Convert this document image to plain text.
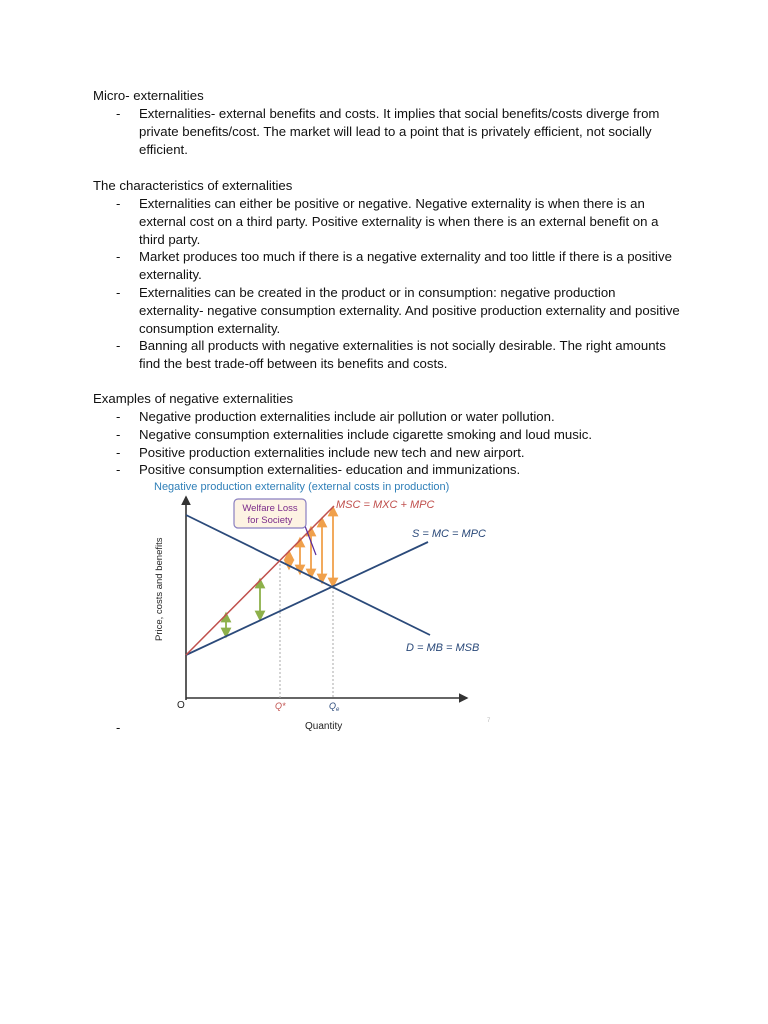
Micro- externalities
- Externalities- external benefits and costs. It implies that social benefits/costs diverge from private benefits/cost. The market will lead to a point that is privately efficient, not socially efficient.
The characteristics of externalities
- Externalities can either be positive or negative. Negative externality is when there is an external cost on a third party. Positive externality is when there is an external benefit on a third party.
- Market produces too much if there is a negative externality and too little if there is a positive externality.
- Externalities can be created in the product or in consumption: negative production externality- negative consumption externality. And positive production externality and positive consumption externality.
- Banning all products with negative externalities is not socially desirable. The right amounts find the best trade-off between its benefits and costs.
Examples of negative externalities
- Negative production externalities include air pollution or water pollution.
- Negative consumption externalities include cigarette smoking and loud music.
- Positive production externalities include new tech and new airport.
- Positive consumption externalities- education and immunizations.
Negative production externality (external costs in production)
Welfare Loss
for Society
MSC = MXC + MPC
S = MC = MPC
D = MB = MSB
O	Q*	$Q_e$
Quantity
Price, costs and benefits
7
-
